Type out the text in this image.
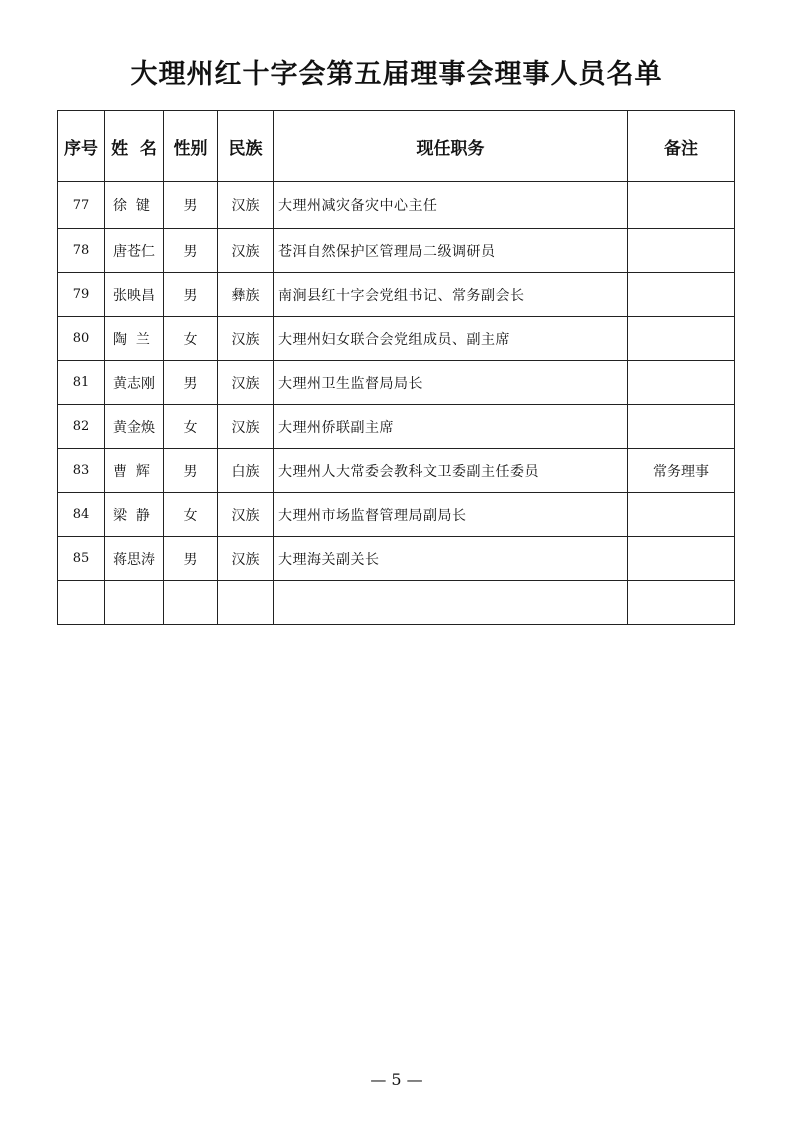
大理州红十字会第五届理事会理事人员名单
序号	姓  名	性别	民族	现任职务	备注
77	徐  键	男	汉族	大理州减灾备灾中心主任	
78	唐苍仁	男	汉族	苍洱自然保护区管理局二级调研员	
79	张映昌	男	彝族	南涧县红十字会党组书记、常务副会长	
80	陶  兰	女	汉族	大理州妇女联合会党组成员、副主席	
81	黄志刚	男	汉族	大理州卫生监督局局长	
82	黄金焕	女	汉族	大理州侨联副主席	
83	曹  辉	男	白族	大理州人大常委会教科文卫委副主任委员	常务理事
84	梁  静	女	汉族	大理州市场监督管理局副局长	
85	蒋思涛	男	汉族	大理海关副关长	

— 5 —
